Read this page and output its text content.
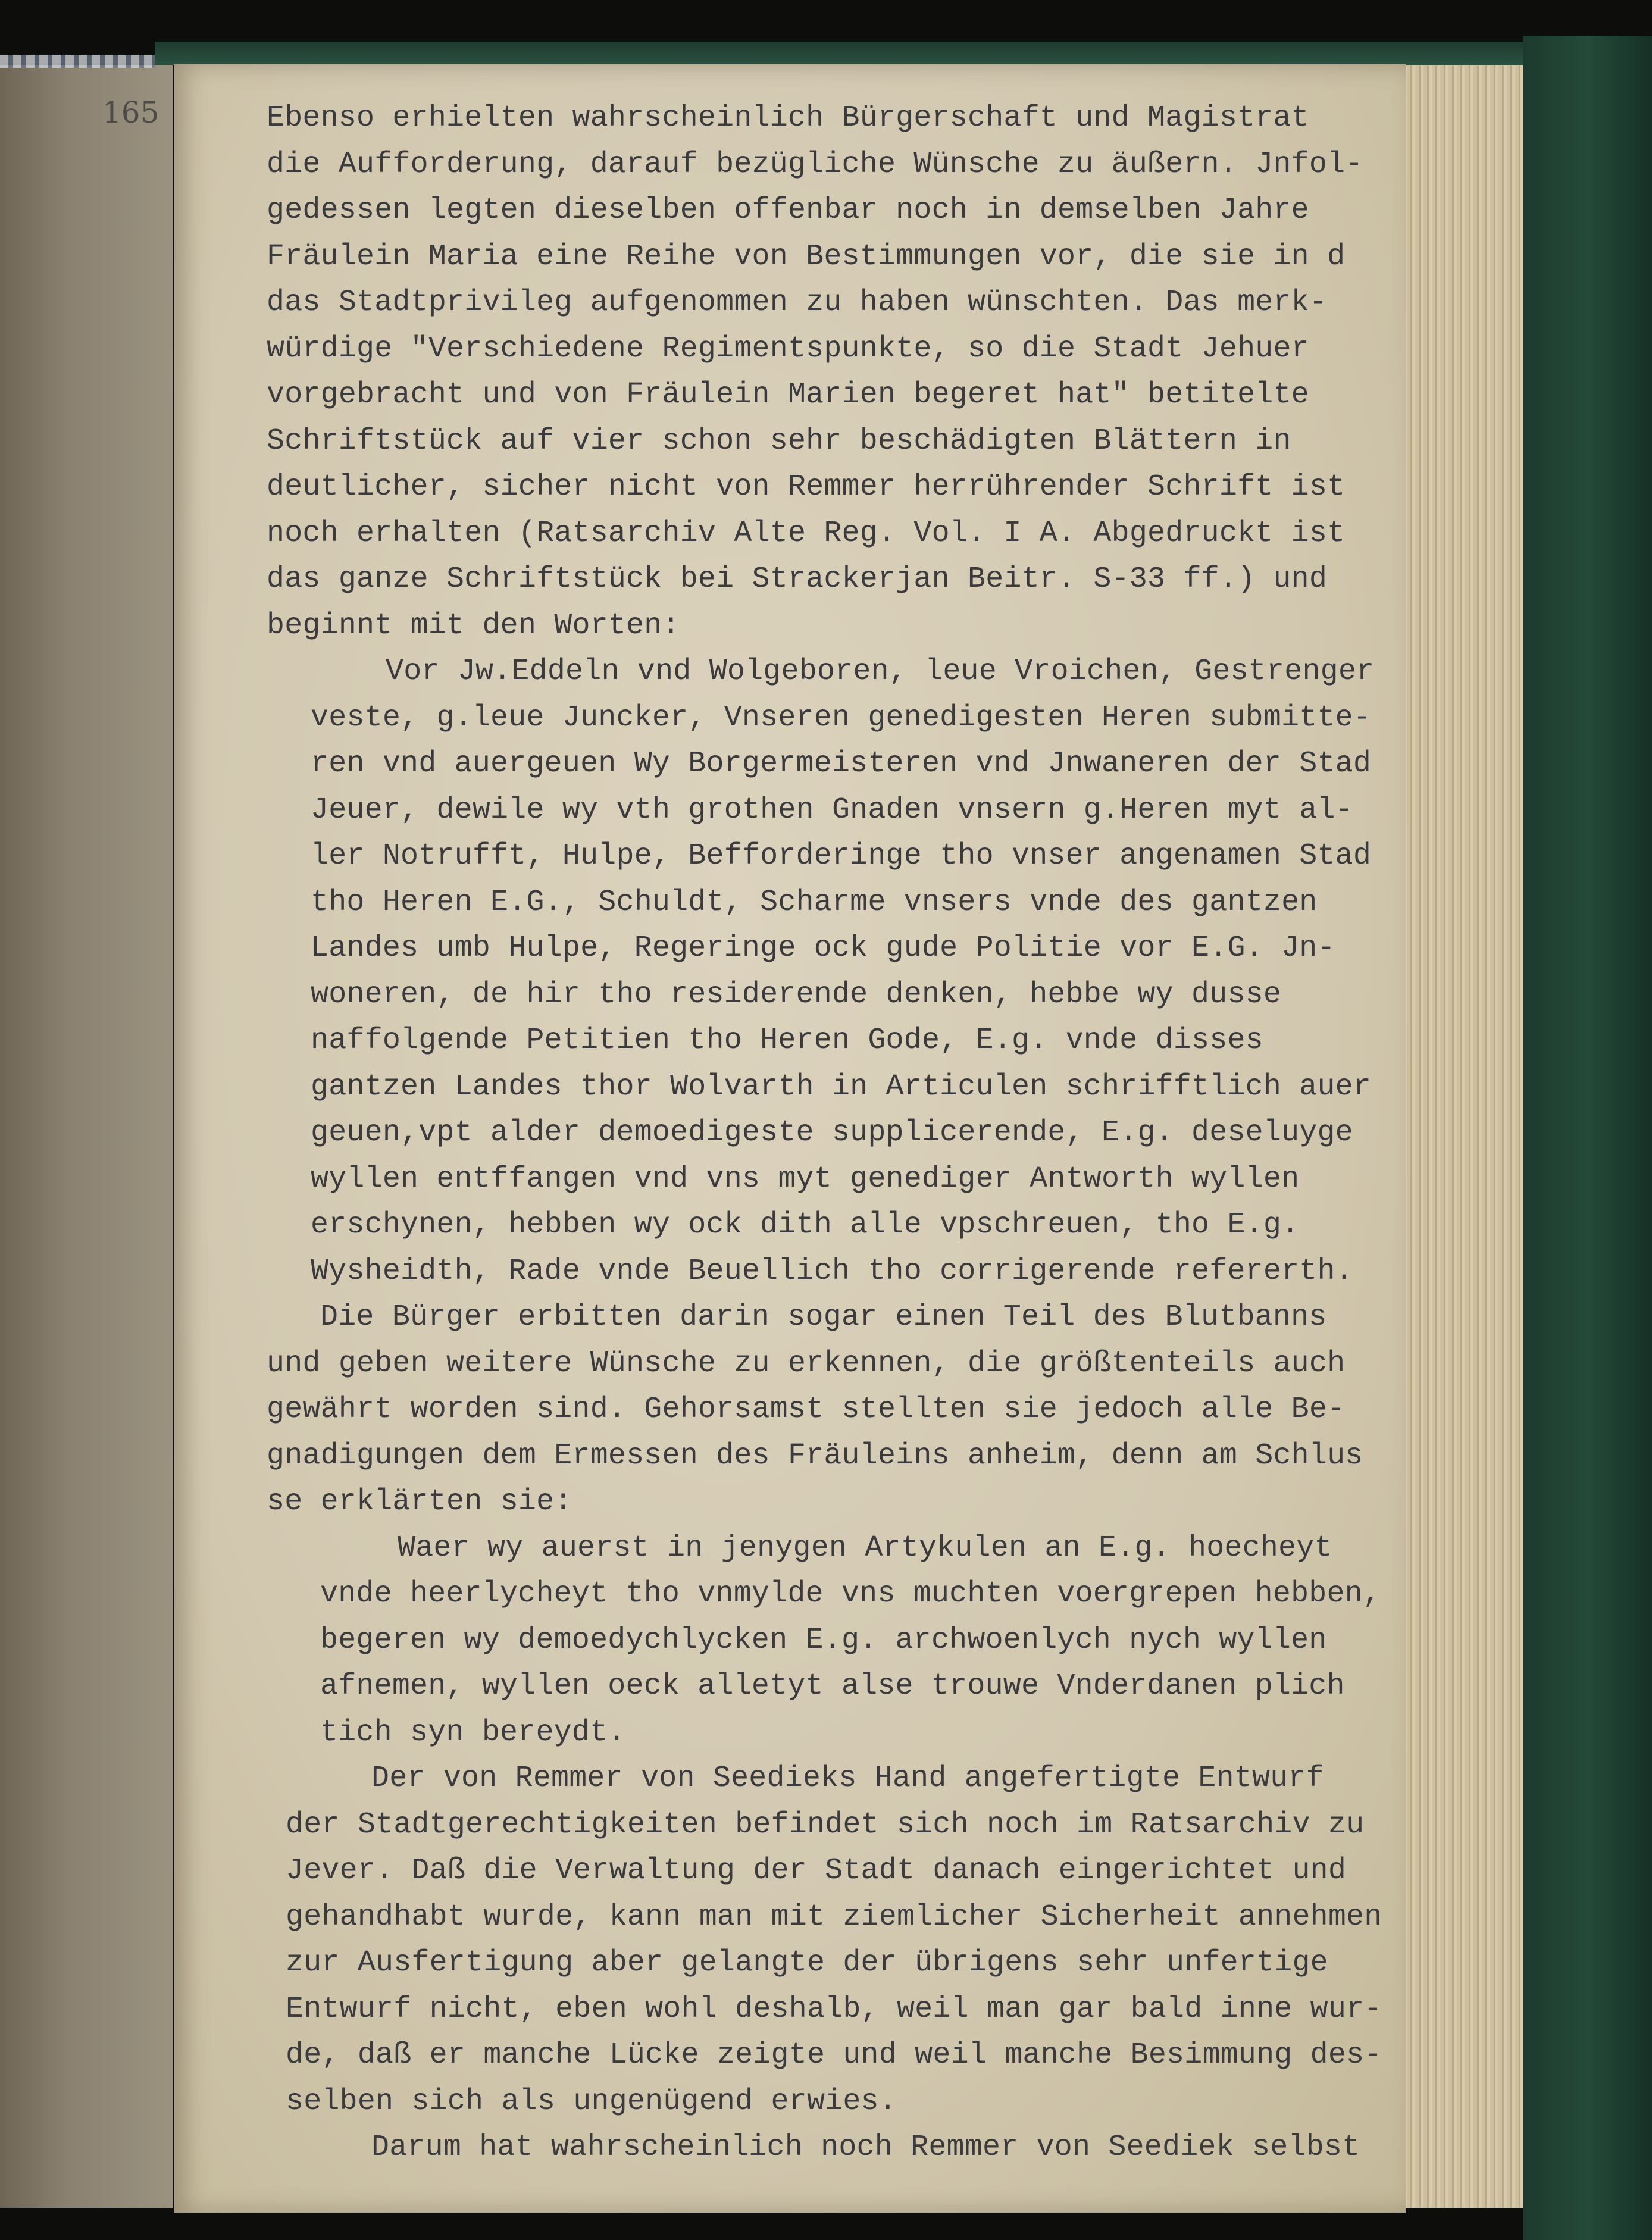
165	Ebenso erhielten wahrscheinlich Bürgerschaft und Magistrat
die Aufforderung, darauf bezügliche Wünsche zu äußern. Jnfol-
gedessen legten dieselben offenbar noch in demselben Jahre
Fräulein Maria eine Reihe von Bestimmungen vor, die sie in d
das Stadtprivileg aufgenommen zu haben wünschten. Das merk-
würdige "Verschiedene Regimentspunkte, so die Stadt Jehuer
vorgebracht und von Fräulein Marien begeret hat" betitelte
Schriftstück auf vier schon sehr beschädigten Blättern in
deutlicher, sicher nicht von Remmer herrührender Schrift ist
noch erhalten (Ratsarchiv Alte Reg. Vol. I A. Abgedruckt ist
das ganze Schriftstück bei Strackerjan Beitr. S-33 ff.) und
beginnt mit den Worten:
Vor Jw.Eddeln vnd Wolgeboren, leue Vroichen, Gestrenger
veste, g.leue Juncker, Vnseren genedigesten Heren submitte-
ren vnd auergeuen Wy Borgermeisteren vnd Jnwaneren der Stad
Jeuer, dewile wy vth grothen Gnaden vnsern g.Heren myt al-
ler Notrufft, Hulpe, Befforderinge tho vnser angenamen Stad
tho Heren E.G., Schuldt, Scharme vnsers vnde des gantzen
Landes umb Hulpe, Regeringe ock gude Politie vor E.G. Jn-
woneren, de hir tho residerende denken, hebbe wy dusse
naffolgende Petitien tho Heren Gode, E.g. vnde disses
gantzen Landes thor Wolvarth in Articulen schrifftlich auer
geuen,vpt alder demoedigeste supplicerende, E.g. deseluyge
wyllen entffangen vnd vns myt genediger Antworth wyllen
erschynen, hebben wy ock dith alle vpschreuen, tho E.g.
Wysheidth, Rade vnde Beuellich tho corrigerende refererth.
Die Bürger erbitten darin sogar einen Teil des Blutbanns
und geben weitere Wünsche zu erkennen, die größtenteils auch
gewährt worden sind. Gehorsamst stellten sie jedoch alle Be-
gnadigungen dem Ermessen des Fräuleins anheim, denn am Schlus
se erklärten sie:
Waer wy auerst in jenygen Artykulen an E.g. hoecheyt
vnde heerlycheyt tho vnmylde vns muchten voergrepen hebben,
begeren wy demoedychlycken E.g. archwoenlych nych wyllen
afnemen, wyllen oeck alletyt alse trouwe Vnderdanen plich
tich syn bereydt.
Der von Remmer von Seedieks Hand angefertigte Entwurf
der Stadtgerechtigkeiten befindet sich noch im Ratsarchiv zu
Jever. Daß die Verwaltung der Stadt danach eingerichtet und
gehandhabt wurde, kann man mit ziemlicher Sicherheit annehmen
zur Ausfertigung aber gelangte der übrigens sehr unfertige
Entwurf nicht, eben wohl deshalb, weil man gar bald inne wur-
de, daß er manche Lücke zeigte und weil manche Besimmung des-
selben sich als ungenügend erwies.
Darum hat wahrscheinlich noch Remmer von Seediek selbst
